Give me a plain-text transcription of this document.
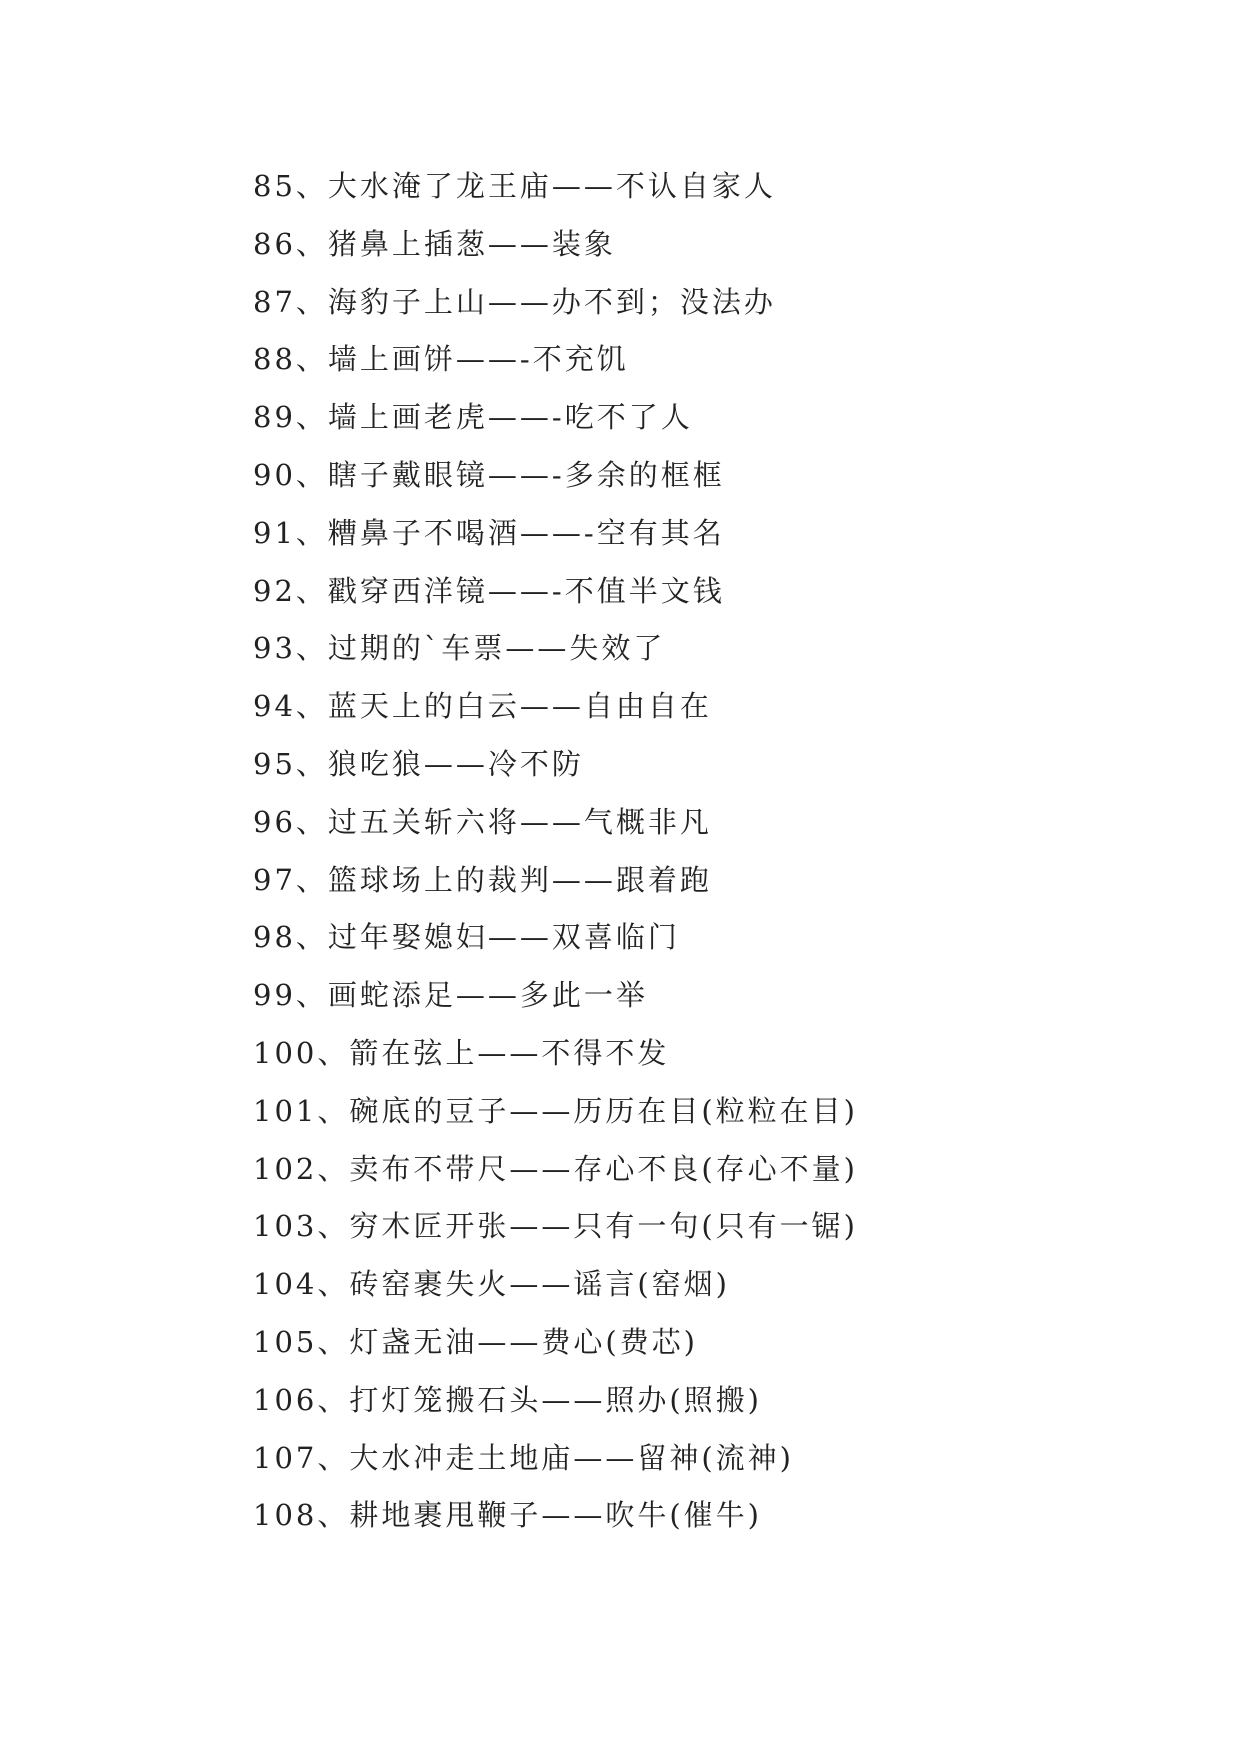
85、大水淹了龙王庙——不认自家人
86、猪鼻上插葱——装象
87、海豹子上山——办不到；没法办
88、墙上画饼——-不充饥
89、墙上画老虎——-吃不了人
90、瞎子戴眼镜——-多余的框框
91、糟鼻子不喝酒——-空有其名
92、戳穿西洋镜——-不值半文钱
93、过期的`车票——失效了
94、蓝天上的白云——自由自在
95、狼吃狼——冷不防
96、过五关斩六将——气概非凡
97、篮球场上的裁判——跟着跑
98、过年娶媳妇——双喜临门
99、画蛇添足——多此一举
100、箭在弦上——不得不发
101、碗底的豆子——历历在目(粒粒在目)
102、卖布不带尺——存心不良(存心不量)
103、穷木匠开张——只有一句(只有一锯)
104、砖窑裹失火——谣言(窑烟)
105、灯盏无油——费心(费芯)
106、打灯笼搬石头——照办(照搬)
107、大水冲走土地庙——留神(流神)
108、耕地裹甩鞭子——吹牛(催牛)
